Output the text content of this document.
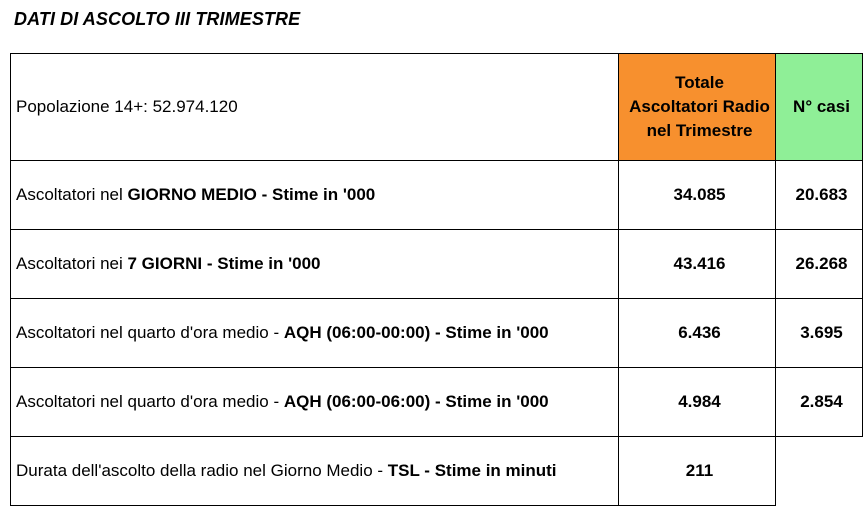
DATI DI ASCOLTO III TRIMESTRE
Popolazione 14+: 52.974.120	Totale
Ascoltatori Radio
nel Trimestre	N° casi
Ascoltatori nel GIORNO MEDIO - Stime in '000	34.085	20.683
Ascoltatori nei 7 GIORNI - Stime in '000	43.416	26.268
Ascoltatori nel quarto d'ora medio - AQH (06:00-00:00) - Stime in '000	6.436	3.695
Ascoltatori nel quarto d'ora medio - AQH (06:00-06:00) - Stime in '000	4.984	2.854
Durata dell'ascolto della radio nel Giorno Medio - TSL - Stime in minuti	211	
